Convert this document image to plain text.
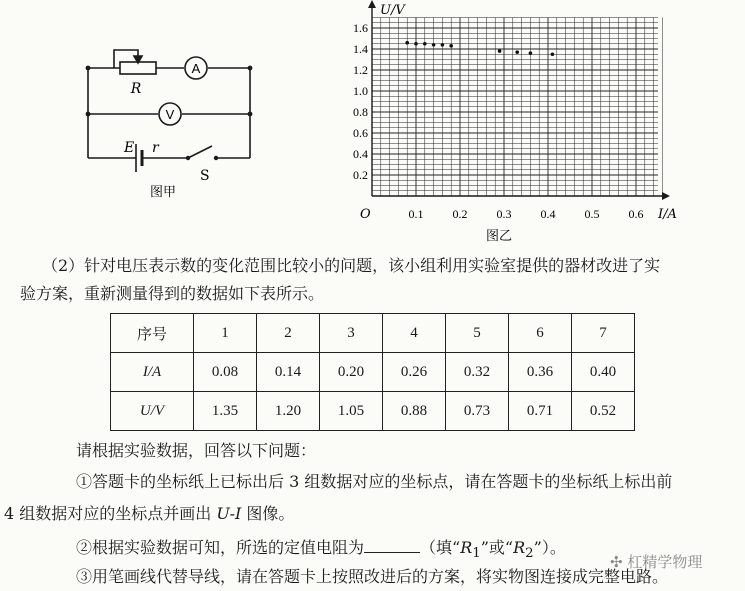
A
V
R
E r
S
图甲
0.2
0.4
0.6
0.8
1.0
1.2
1.4
1.6
0.1 0.2 0.3 0.4 0.5 0.6
U/V
I/A
O
图乙
（2）针对电压表示数的变化范围比较小的问题，该小组利用实验室提供的器材改进了实
验方案，重新测量得到的数据如下表所示。
序号	1	2	3	4	5	6	7
I/A	0.08	0.14	0.20	0.26	0.32	0.36	0.40
U/V	1.35	1.20	1.05	0.88	0.73	0.71	0.52
请根据实验数据，回答以下问题：
①答题卡的坐标纸上已标出后 3 组数据对应的坐标点，请在答题卡的坐标纸上标出前
4 组数据对应的坐标点并画出 U-I 图像。
②根据实验数据可知，所选的定值电阻为	（填“$R_1$”或“$R_2$”）。
③用笔画线代替导线，请在答题卡上按照改进后的方案，将实物图连接成完整电路。
✣ 杠精学物理
